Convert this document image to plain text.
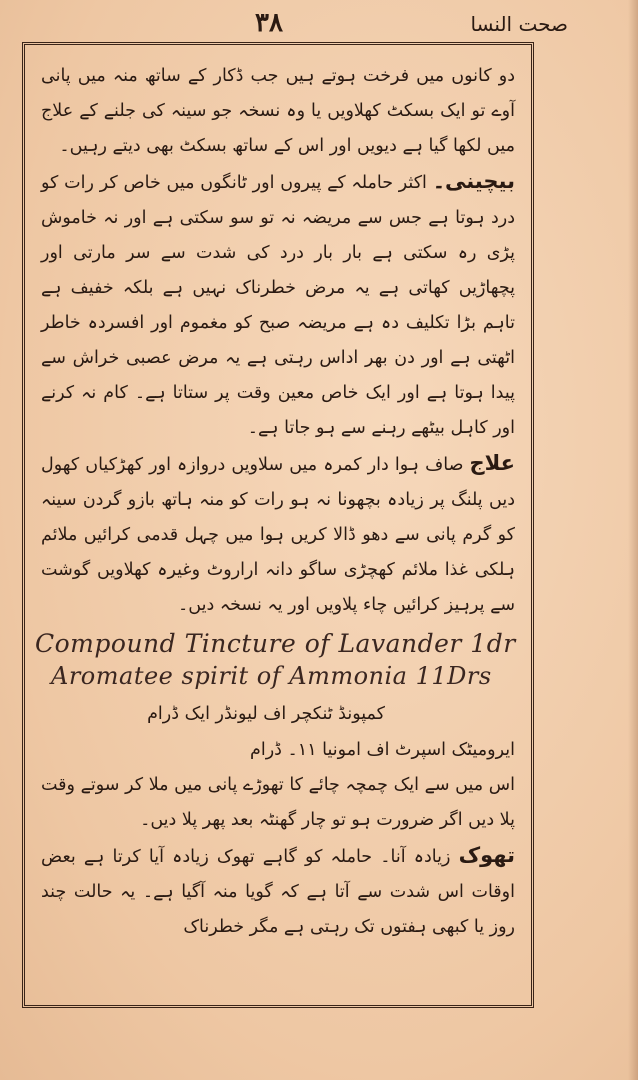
۳۸	صحت النسا

دو کانوں میں فرخت ہوتے ہیں جب ڈکار کے ساتھ منہ میں پانی آوے تو ایک بسکٹ کھلاویں یا وہ نسخہ جو سینہ کی جلنے کے علاج میں لکھا گیا ہے دیویں اور اس کے ساتھ بسکٹ بھی دیتے رہیں۔

بیچینی۔ اکثر حاملہ کے پیروں اور ٹانگوں میں خاص کر رات کو درد ہوتا ہے جس سے مریضہ نہ تو سو سکتی ہے اور نہ خاموش پڑی رہ سکتی ہے بار بار درد کی شدت سے سر مارتی اور پچھاڑیں کھاتی ہے یہ مرض خطرناک نہیں ہے بلکہ خفیف ہے تاہم بڑا تکلیف دہ ہے مریضہ صبح کو مغموم اور افسردہ خاطر اٹھتی ہے اور دن بھر اداس رہتی ہے یہ مرض عصبی خراش سے پیدا ہوتا ہے اور ایک خاص معین وقت پر ستاتا ہے۔ کام نہ کرنے اور کاہل بیٹھے رہنے سے ہو جاتا ہے۔

علاج صاف ہوا دار کمرہ میں سلاویں دروازہ اور کھڑکیاں کھول دیں پلنگ پر زیادہ بچھونا نہ ہو رات کو منہ ہاتھ بازو گردن سینہ کو گرم پانی سے دھو ڈالا کریں ہوا میں چہل قدمی کرائیں ملائم ہلکی غذا ملائم کھچڑی ساگو دانہ اراروٹ وغیرہ کھلاویں گوشت سے پرہیز کرائیں چاء پلاویں اور یہ نسخہ دیں۔

Compound Tincture of Lavander 1dr
Aromatee spirit of Ammonia 11Drs

کمپونڈ ٹنکچر اف لیونڈر ایک ڈرام

ایرومیٹک اسپرٹ اف امونیا ۱۱۔ ڈرام

اس میں سے ایک چمچہ چائے کا تھوڑے پانی میں ملا کر سوتے وقت پلا دیں اگر ضرورت ہو تو چار گھنٹہ بعد پھر پلا دیں۔

تھوک زیادہ آنا۔ حاملہ کو گاہے تھوک زیادہ آیا کرتا ہے بعض اوقات اس شدت سے آتا ہے کہ گویا منہ آگیا ہے۔ یہ حالت چند روز یا کبھی ہفتوں تک رہتی ہے مگر خطرناک
